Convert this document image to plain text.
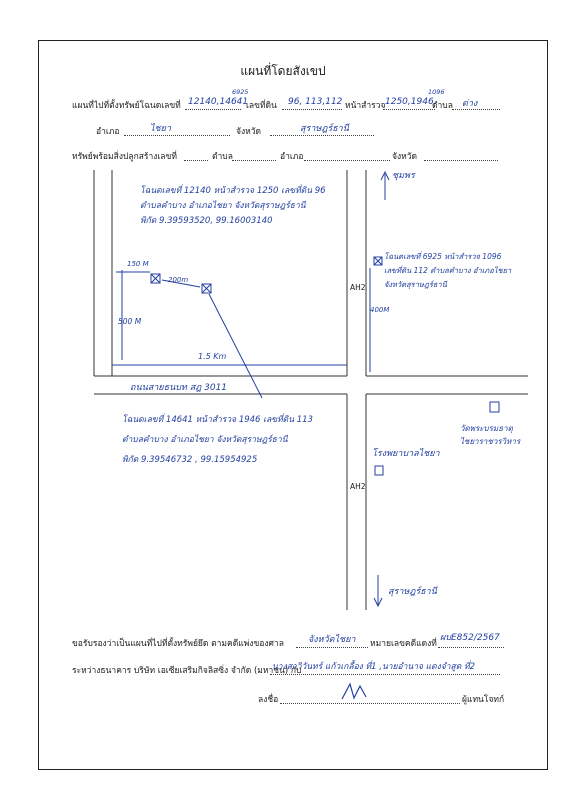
แผนที่โดยสังเขป
แผนที่ไปที่ตั้งทรัพย์โฉนดเลขที่ 12140,14641
6925
เลขที่ดิน 96, 113,112 หน้าสำรวจ 1250,1946,
1096
ตำบล ด่าง
อำเภอ	ไชยา	จังหวัด	สุราษฎร์ธานี
ทรัพย์พร้อมสิ่งปลูกสร้างเลขที่	ตำบล	อำเภอ	จังหวัด
โฉนดเลขที่ 12140 หน้าสำรวจ 1250 เลขที่ดิน 96
ตำบลคำบาง อำเภอไชยา จังหวัดสุราษฎร์ธานี
พิกัด 9.39593520, 99.16003140
โฉนดเลขที่ 6925 หน้าสำรวจ 1096
เลขที่ดิน 112 ตำบลคำบาง อำเภอไชยา
จังหวัดสุราษฎร์ธานี
โฉนดเลขที่ 14641 หน้าสำรวจ 1946 เลขที่ดิน 113
ตำบลคำบาง อำเภอไชยา จังหวัดสุราษฎร์ธานี
พิกัด 9.39546732 , 99.15954925
150 M
200m
500 M
1.5 Km
400M
ถนนสายธนบท สฎ 3011
AH2
AH2
ชุมพร
สุราษฎร์ธานี
โรงพยาบาลไชยา
วัดพระบรมธาตุ
ไชยาราชวรวิหาร
ขอรับรองว่าเป็นแผนที่ไปที่ตั้งทรัพย์ยึด ตามคดีแพ่งของศาล	จังหวัดไชยา หมายเลขคดีแดงที่
ผบE852/2567
ระหว่างธนาคาร บริษัท เอเซียเสริมกิจลิสซิ่ง จำกัด (มหาชน) กับ
นางสาวิวันทร์ แก้วเกลื้อง ที่1 ,นายอำนาจ แดงจำสูด ที่2
ลงชื่อ	ผู้แทนโจทก์
